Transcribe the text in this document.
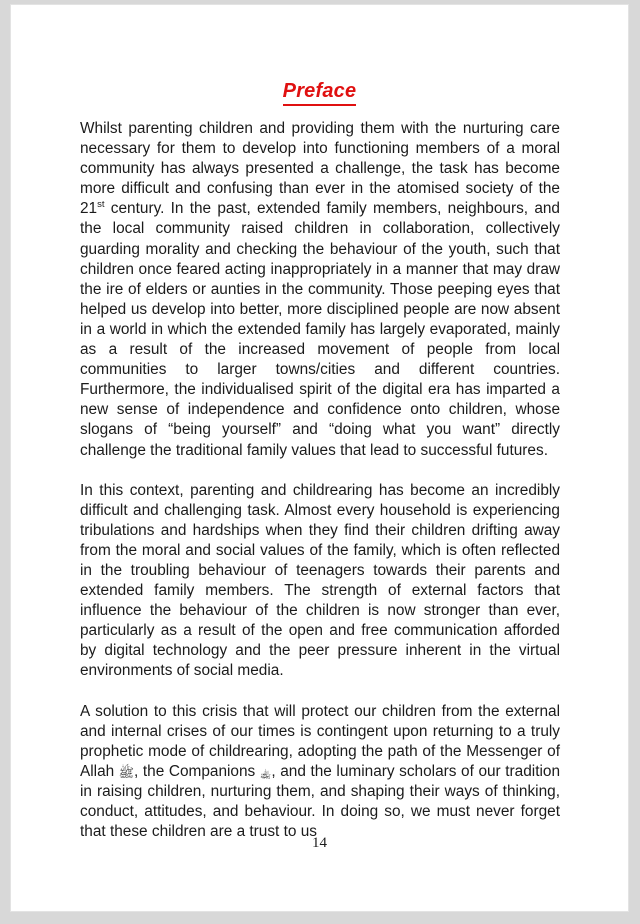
Preface

Whilst parenting children and providing them with the nurturing care necessary for them to develop into functioning members of a moral community has always presented a challenge, the task has become more difficult and confusing than ever in the atomised society of the 21st century. In the past, extended family members, neighbours, and the local community raised children in collaboration, collectively guarding morality and checking the behaviour of the youth, such that children once feared acting inappropriately in a manner that may draw the ire of elders or aunties in the community. Those peeping eyes that helped us develop into better, more disciplined people are now absent in a world in which the extended family has largely evaporated, mainly as a result of the increased movement of people from local communities to larger towns/cities and different countries. Furthermore, the individualised spirit of the digital era has imparted a new sense of independence and confidence onto children, whose slogans of “being yourself” and “doing what you want” directly challenge the traditional family values that lead to successful futures.

In this context, parenting and childrearing has become an incredibly difficult and challenging task. Almost every household is experiencing tribulations and hardships when they find their children drifting away from the moral and social values of the family, which is often reflected in the troubling behaviour of teenagers towards their parents and extended family members. The strength of external factors that influence the behaviour of the children is now stronger than ever, particularly as a result of the open and free communication afforded by digital technology and the peer pressure inherent in the virtual environments of social media.

A solution to this crisis that will protect our children from the external and internal crises of our times is contingent upon returning to a truly prophetic mode of childrearing, adopting the path of the Messenger of Allah ﷺ, the Companions ﵀, and the luminary scholars of our tradition in raising children, nurturing them, and shaping their ways of thinking, conduct, attitudes, and behaviour. In doing so, we must never forget that these children are a trust to us

14
